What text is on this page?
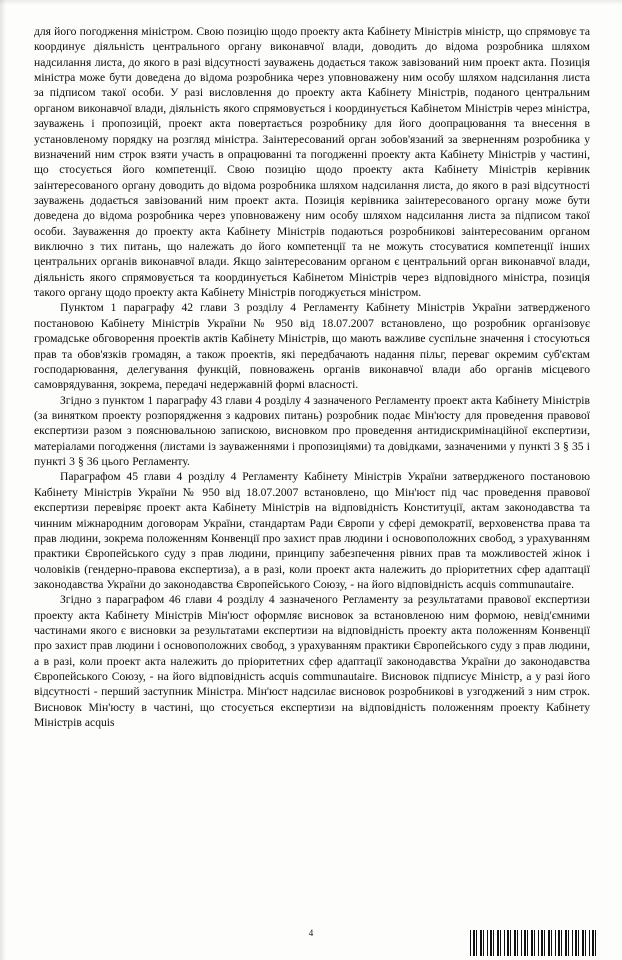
для його погодження міністром. Свою позицію щодо проекту акта Кабінету Міністрів міністр, що спрямовує та координує діяльність центрального органу виконавчої влади, доводить до відома розробника шляхом надсилання листа, до якого в разі відсутності зауважень додається також завізований ним проект акта. Позиція міністра може бути доведена до відома розробника через уповноважену ним особу шляхом надсилання листа за підписом такої особи. У разі висловлення до проекту акта Кабінету Міністрів, поданого центральним органом виконавчої влади, діяльність якого спрямовується і координується Кабінетом Міністрів через міністра, зауважень і пропозицій, проект акта повертається розробнику для його доопрацювання та внесення в установленому порядку на розгляд міністра. Заінтересований орган зобов'язаний за зверненням розробника у визначений ним строк взяти участь в опрацюванні та погодженні проекту акта Кабінету Міністрів у частині, що стосується його компетенції. Свою позицію щодо проекту акта Кабінету Міністрів керівник заінтересованого органу доводить до відома розробника шляхом надсилання листа, до якого в разі відсутності зауважень додається завізований ним проект акта. Позиція керівника заінтересованого органу може бути доведена до відома розробника через уповноважену ним особу шляхом надсилання листа за підписом такої особи. Зауваження до проекту акта Кабінету Міністрів подаються розробникові заінтересованим органом виключно з тих питань, що належать до його компетенції та не можуть стосуватися компетенції інших центральних органів виконавчої влади. Якщо заінтересованим органом є центральний орган виконавчої влади, діяльність якого спрямовується та координується Кабінетом Міністрів через відповідного міністра, позиція такого органу щодо проекту акта Кабінету Міністрів погоджується міністром.

Пунктом 1 параграфу 42 глави 3 розділу 4 Регламенту Кабінету Міністрів України затвердженого постановою Кабінету Міністрів України № 950 від 18.07.2007 встановлено, що розробник організовує громадське обговорення проектів актів Кабінету Міністрів, що мають важливе суспільне значення і стосуються прав та обов'язків громадян, а також проектів, які передбачають надання пільг, переваг окремим суб'єктам господарювання, делегування функцій, повноважень органів виконавчої влади або органів місцевого самоврядування, зокрема, передачі недержавній формі власності.

Згідно з пунктом 1 параграфу 43 глави 4 розділу 4 зазначеного Регламенту проект акта Кабінету Міністрів (за винятком проекту розпорядження з кадрових питань) розробник подає Мін'юсту для проведення правової експертизи разом з пояснювальною запискою, висновком про проведення антидискримінаційної експертизи, матеріалами погодження (листами із зауваженнями і пропозиціями) та довідками, зазначеними у пункті 3 § 35 і пункті 3 § 36 цього Регламенту.

Параграфом 45 глави 4 розділу 4 Регламенту Кабінету Міністрів України затвердженого постановою Кабінету Міністрів України № 950 від 18.07.2007 встановлено, що Мін'юст під час проведення правової експертизи перевіряє проект акта Кабінету Міністрів на відповідність Конституції, актам законодавства та чинним міжнародним договорам України, стандартам Ради Європи у сфері демократії, верховенства права та прав людини, зокрема положенням Конвенції про захист прав людини і основоположних свобод, з урахуванням практики Європейського суду з прав людини, принципу забезпечення рівних прав та можливостей жінок і чоловіків (гендерно-правова експертиза), а в разі, коли проект акта належить до пріоритетних сфер адаптації законодавства України до законодавства Європейського Союзу, - на його відповідність acquis communautaire.

Згідно з параграфом 46 глави 4 розділу 4 зазначеного Регламенту за результатами правової експертизи проекту акта Кабінету Міністрів Мін'юст оформляє висновок за встановленою ним формою, невід'ємними частинами якого є висновки за результатами експертизи на відповідність проекту акта положенням Конвенції про захист прав людини і основоположних свобод, з урахуванням практики Європейського суду з прав людини, а в разі, коли проект акта належить до пріоритетних сфер адаптації законодавства України до законодавства Європейського Союзу, - на його відповідність acquis communautaire. Висновок підписує Міністр, а у разі його відсутності - перший заступник Міністра. Мін'юст надсилає висновок розробникові в узгоджений з ним строк. Висновок Мін'юсту в частині, що стосується експертизи на відповідність положенням проекту Кабінету Міністрів acquis

4
